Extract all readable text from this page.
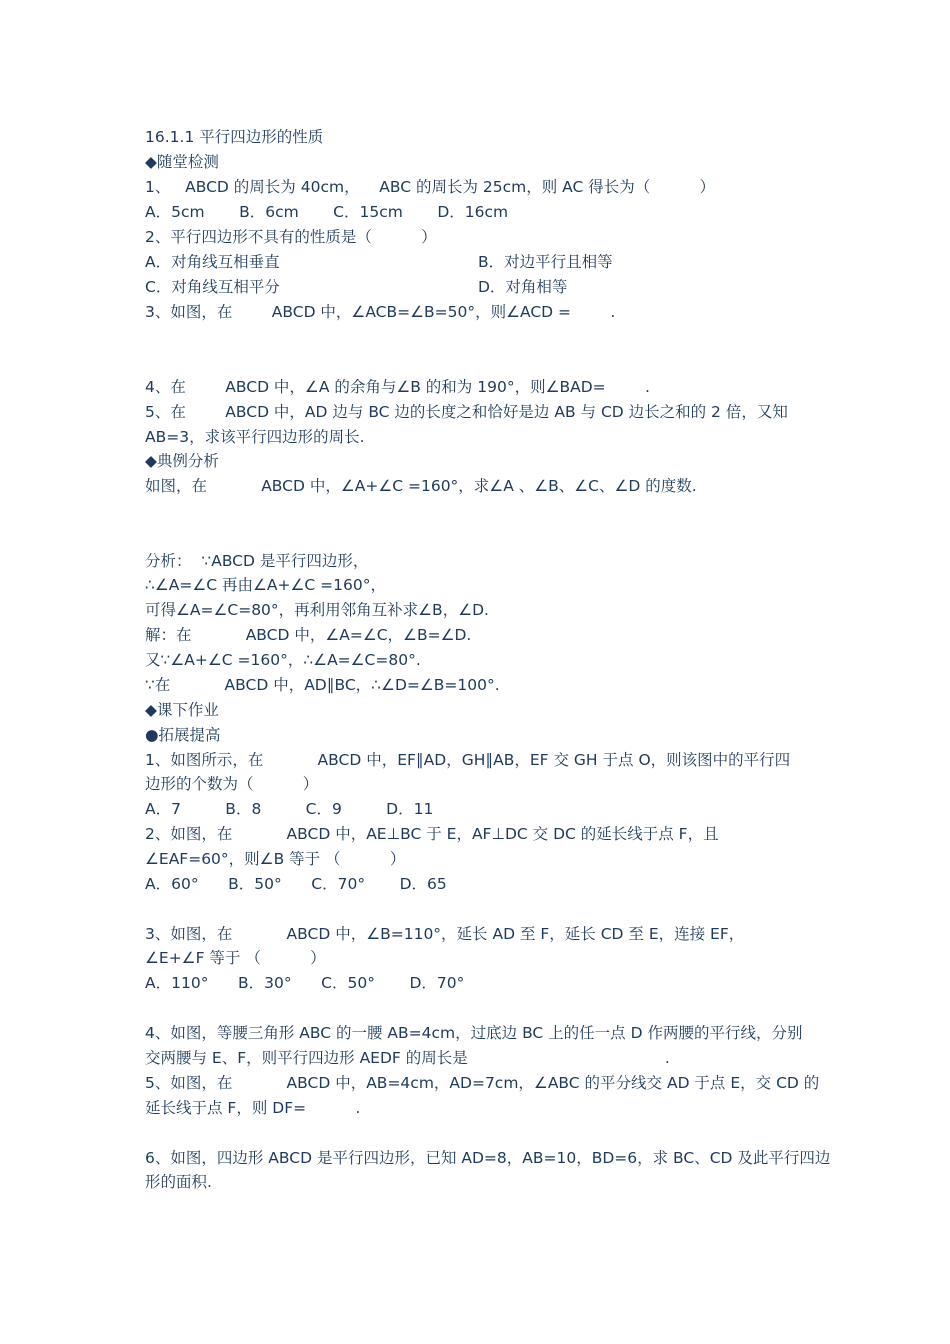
16.1.1 平行四边形的性质
◆随堂检测
1、   ABCD 的周长为 40cm，    ABC 的周长为 25cm，则 AC 得长为（          ）
A．5cm       B．6cm       C．15cm       D．16cm
2、平行四边形不具有的性质是（          ）
A．对角线互相垂直	B．对边平行且相等
C．对角线互相平分	D．对角相等
3、如图，在        ABCD 中，∠ACB=∠B=50°，则∠ACD =        .
4、在        ABCD 中，∠A 的余角与∠B 的和为 190°，则∠BAD=        .
5、在        ABCD 中，AD 边与 BC 边的长度之和恰好是边 AB 与 CD 边长之和的 2 倍，又知
AB=3，求该平行四边形的周长.
◆典例分析
如图，在           ABCD 中，∠A+∠C =160°，求∠A 、∠B、∠C、∠D 的度数.
分析：  ∵ABCD 是平行四边形，
∴∠A=∠C 再由∠A+∠C =160°，
可得∠A=∠C=80°，再利用邻角互补求∠B，∠D.
解：在           ABCD 中，∠A=∠C，∠B=∠D.
又∵∠A+∠C =160°，∴∠A=∠C=80°.
∵在           ABCD 中，AD∥BC，∴∠D=∠B=100°.
◆课下作业
●拓展提高
1、如图所示，在           ABCD 中，EF∥AD，GH∥AB，EF 交 GH 于点 O，则该图中的平行四
边形的个数为（          ）
A．7         B．8         C．9         D．11
2、如图，在           ABCD 中，AE⊥BC 于 E，AF⊥DC 交 DC 的延长线于点 F，且
∠EAF=60°，则∠B 等于 （          ）
A．60°      B．50°      C．70°       D．65
3、如图，在           ABCD 中，∠B=110°，延长 AD 至 F，延长 CD 至 E，连接 EF，
∠E+∠F 等于 （          ）
A．110°      B．30°      C．50°       D．70°
4、如图，等腰三角形 ABC 的一腰 AB=4cm，过底边 BC 上的任一点 D 作两腰的平行线，分别
交两腰与 E、F，则平行四边形 AEDF 的周长是                                        .
5、如图，在           ABCD 中，AB=4cm，AD=7cm，∠ABC 的平分线交 AD 于点 E，交 CD 的
延长线于点 F，则 DF=          .
6、如图，四边形 ABCD 是平行四边形，已知 AD=8，AB=10，BD=6，求 BC、CD 及此平行四边
形的面积.
